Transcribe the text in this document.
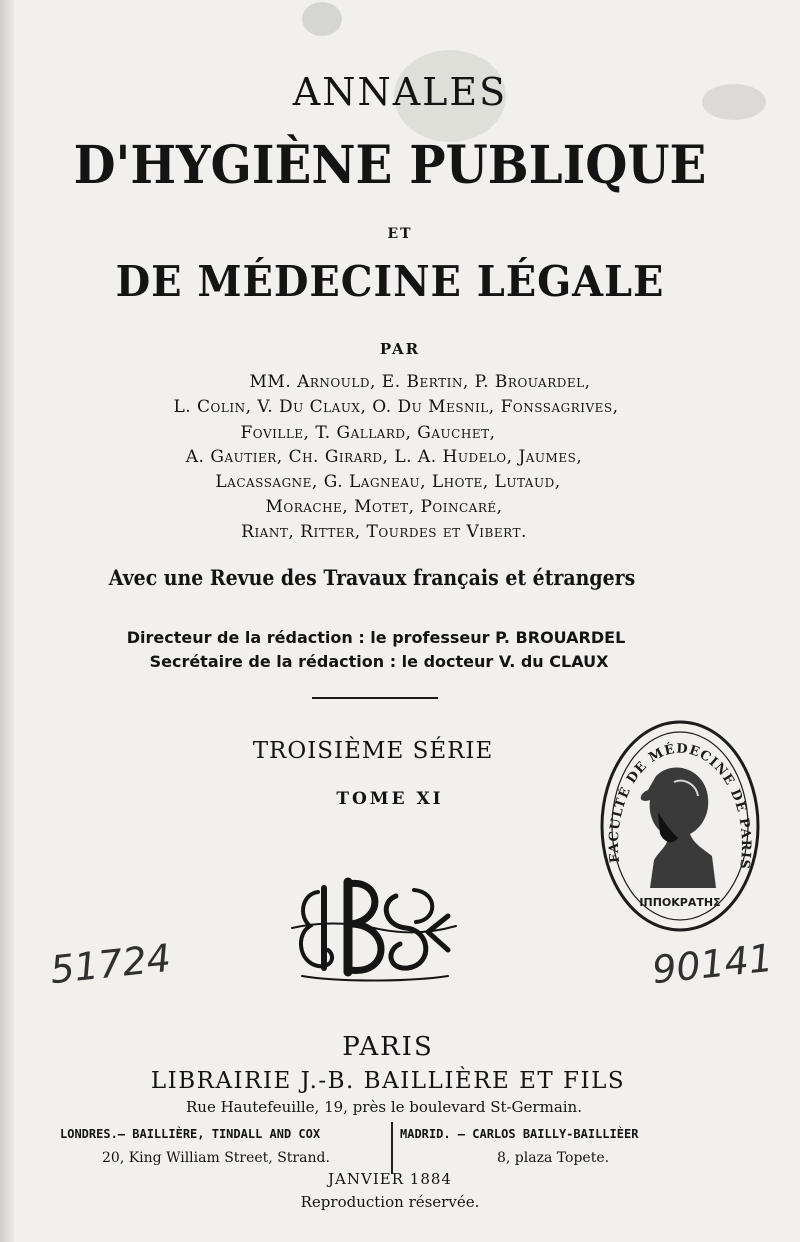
ANNALES
D'HYGIÈNE PUBLIQUE
ET
DE MÉDECINE LÉGALE
PAR
MM. Arnould, E. Bertin, P. Brouardel,
L. Colin, V. Du Claux, O. Du Mesnil, Fonssagrives,
Foville, T. Gallard, Gauchet,
A. Gautier, Ch. Girard, L. A. Hudelo, Jaumes,
Lacassagne, G. Lagneau, Lhote, Lutaud,
Morache, Motet, Poincaré,
Riant, Ritter, Tourdes et Vibert.
Avec une Revue des Travaux français et étrangers
Directeur de la rédaction : le professeur P. BROUARDEL
Secrétaire de la rédaction : le docteur V. du CLAUX
TROISIÈME SÉRIE
TOME XI
FACULTÉ DE MÉDECINE DE PARIS
ΙΠΠΟΚΡΑΤΗΣ
51724	90141
PARIS
LIBRAIRIE J.-B. BAILLIÈRE ET FILS
Rue Hautefeuille, 19, près le boulevard St-Germain.
LONDRES.— BAILLIÈRE, TINDALL AND COX
20, King William Street, Strand.
MADRID. — CARLOS BAILLY-BAILLIÈER
8, plaza Topete.
JANVIER 1884
Reproduction réservée.
